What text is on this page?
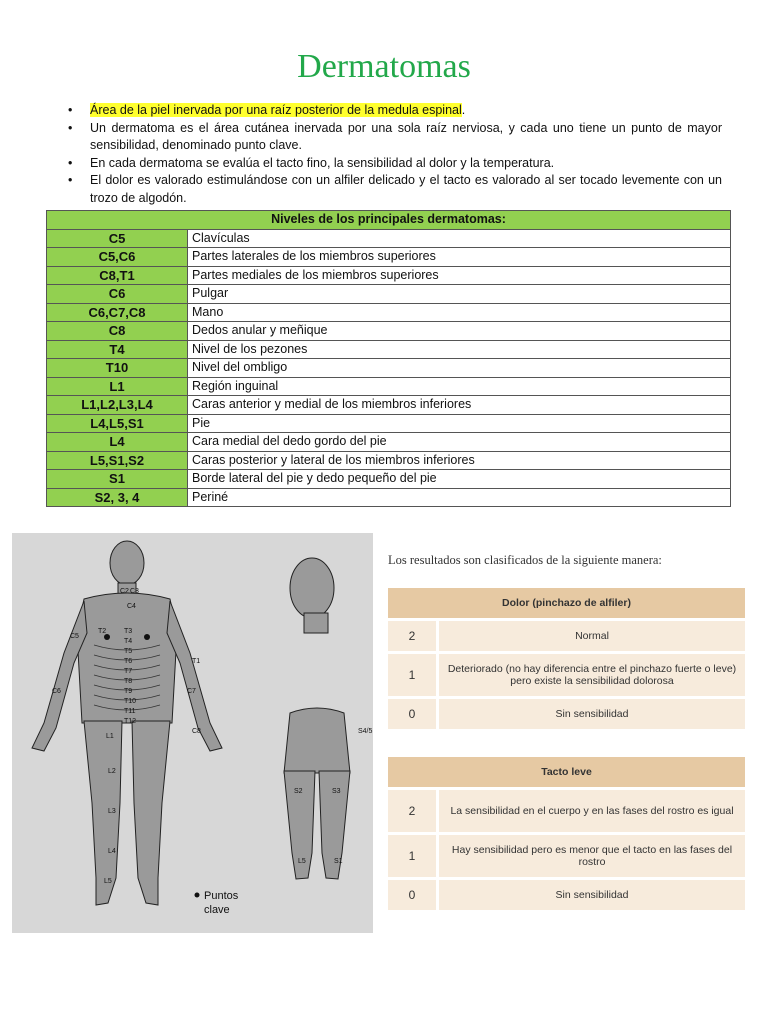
Dermatomas
• Área de la piel inervada por una raíz posterior de la medula espinal.
• Un dermatoma es el área cutánea inervada por una sola raíz nerviosa, y cada uno tiene un punto de mayor sensibilidad, denominado punto clave.
• En cada dermatoma se evalúa el tacto fino, la sensibilidad al dolor y la temperatura.
• El dolor es valorado estimulándose con un alfiler delicado y el tacto es valorado al ser tocado levemente con un trozo de algodón.
Niveles de los principales dermatomas:	
C5	Clavículas
C5,C6	Partes laterales de los miembros superiores
C8,T1	Partes mediales de los miembros superiores
C6	Pulgar
C6,C7,C8	Mano
C8	Dedos anular y meñique
T4	Nivel de los pezones
T10	Nivel del ombligo
L1	Región inguinal
L1,L2,L3,L4	Caras anterior y medial de los miembros inferiores
L4,L5,S1	Pie
L4	Cara medial del dedo gordo del pie
L5,S1,S2	Caras posterior y lateral de los miembros inferiores
S1	Borde lateral del pie y dedo pequeño del pie
S2, 3, 4	Periné
C2 C3
C4
T2	T3
T4
T5
T6
T7
T8
T9
T10
T11
T12
C5
C6	C7
C8
T1
L1
L2
L3
L4
L5
S2	S3
S4/5
S1
L5
Puntos
clave

Los resultados son clasificados de la siguiente manera:

Dolor (pinchazo de alfiler)	
2	Normal
1	Deteriorado (no hay diferencia entre el pinchazo fuerte o leve) pero existe la sensibilidad dolorosa
0	Sin sensibilidad
Tacto leve	
2	La sensibilidad en el cuerpo y en las fases del rostro es igual
1	Hay sensibilidad pero es menor que el tacto en las fases del rostro
0	Sin sensibilidad
